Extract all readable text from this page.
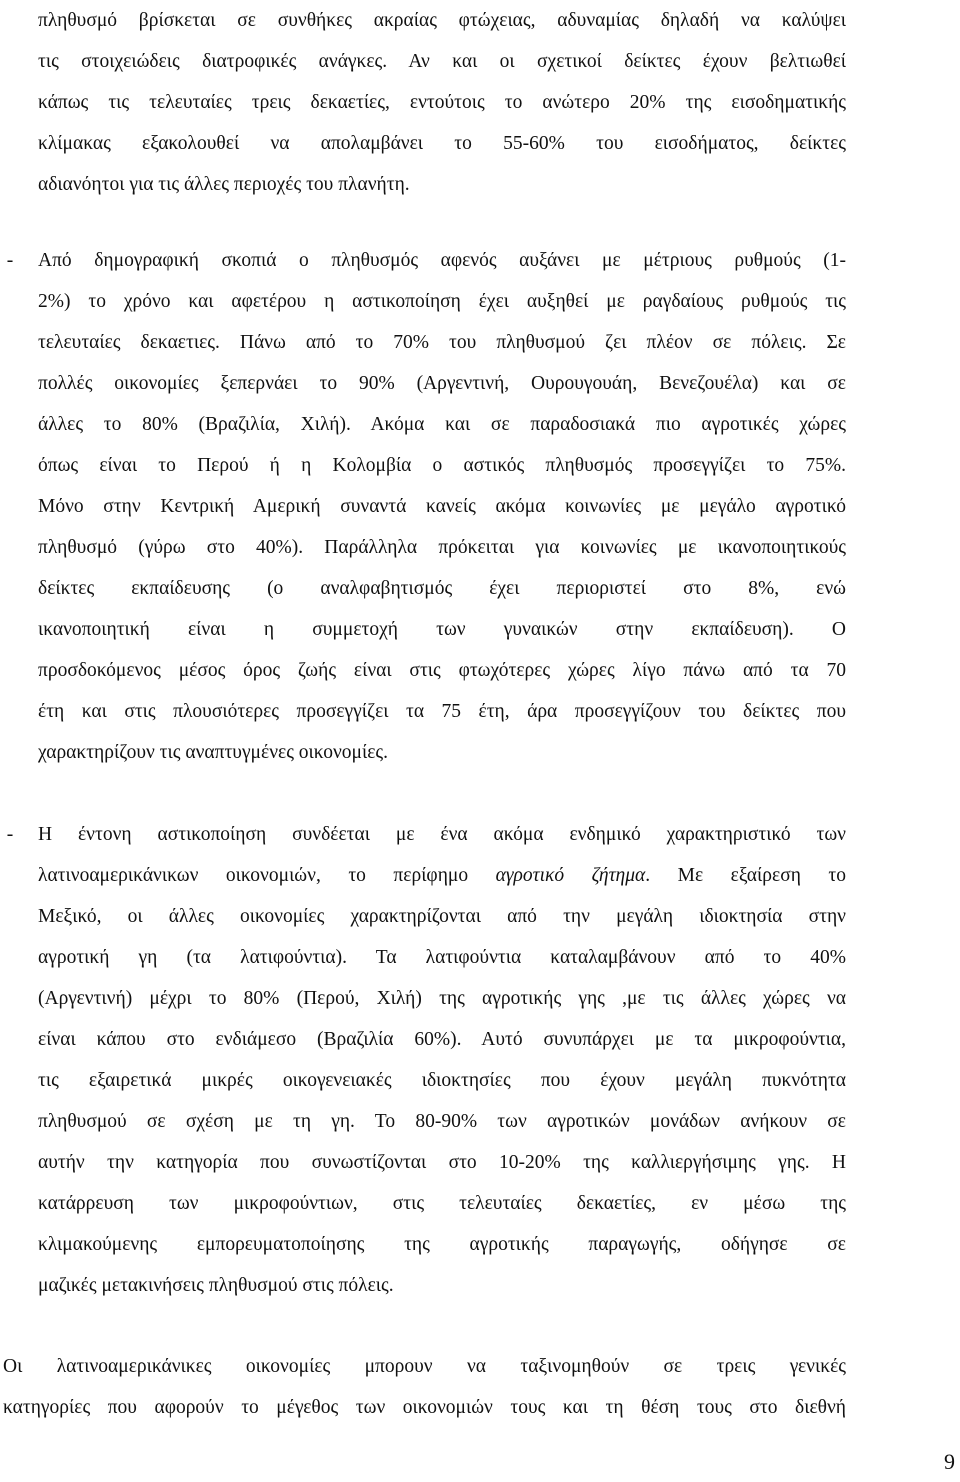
πληθυσμό βρίσκεται σε συνθήκες ακραίας φτώχειας, αδυναμίας δηλαδή να καλύψει
τις στοιχειώδεις διατροφικές ανάγκες. Αν και οι σχετικοί δείκτες έχουν βελτιωθεί
κάπως τις τελευταίες τρεις δεκαετίες, εντούτοις το ανώτερο 20% της εισοδηματικής
κλίμακας εξακολουθεί να απολαμβάνει το 55-60% του εισοδήματος, δείκτες
αδιανόητοι για τις άλλες περιοχές του πλανήτη.
- Από δημογραφική σκοπιά ο πληθυσμός αφενός αυξάνει με μέτριους ρυθμούς (1-
2%) το χρόνο και αφετέρου η αστικοποίηση έχει αυξηθεί με ραγδαίους ρυθμούς τις
τελευταίες δεκαετιες. Πάνω από το 70% του πληθυσμού ζει πλέον σε πόλεις. Σε
πολλές οικονομίες ξεπερνάει το 90% (Αργεντινή, Ουρουγουάη, Βενεζουέλα) και σε
άλλες το 80% (Βραζιλία, Χιλή). Ακόμα και σε παραδοσιακά πιο αγροτικές χώρες
όπως είναι το Περού ή η Κολομβία ο αστικός πληθυσμός προσεγγίζει το 75%.
Μόνο στην Κεντρική Αμερική συναντά κανείς ακόμα κοινωνίες με μεγάλο αγροτικό
πληθυσμό (γύρω στο 40%). Παράλληλα πρόκειται για κοινωνίες με ικανοποιητικούς
δείκτες εκπαίδευσης (ο αναλφαβητισμός έχει περιοριστεί στο 8%, ενώ
ικανοποιητική είναι η συμμετοχή των γυναικών στην εκπαίδευση). Ο
προσδοκόμενος μέσος όρος ζωής είναι στις φτωχότερες χώρες λίγο πάνω από τα 70
έτη και στις πλουσιότερες προσεγγίζει τα 75 έτη, άρα προσεγγίζουν του δείκτες που
χαρακτηρίζουν τις αναπτυγμένες οικονομίες.
- Η έντονη αστικοποίηση συνδέεται με ένα ακόμα ενδημικό χαρακτηριστικό των
λατινοαμερικάνικων οικονομιών, το περίφημο αγροτικό ζήτημα. Με εξαίρεση το
Μεξικό, οι άλλες οικονομίες χαρακτηρίζονται από την μεγάλη ιδιοκτησία στην
αγροτική γη (τα λατιφούντια). Τα λατιφούντια καταλαμβάνουν από το 40%
(Αργεντινή) μέχρι το 80% (Περού, Χιλή) της αγροτικής γης ,με τις άλλες χώρες να
είναι κάπου στο ενδιάμεσο (Βραζιλία 60%). Αυτό συνυπάρχει με τα μικροφούντια,
τις εξαιρετικά μικρές οικογενειακές ιδιοκτησίες που έχουν μεγάλη πυκνότητα
πληθυσμού σε σχέση με τη γη. Το 80-90% των αγροτικών μονάδων ανήκουν σε
αυτήν την κατηγορία που συνωστίζονται στο 10-20% της καλλιεργήσιμης γης. Η
κατάρρευση των μικροφούντιων, στις τελευταίες δεκαετίες, εν μέσω της
κλιμακούμενης εμπορευματοποίησης της αγροτικής παραγωγής, οδήγησε σε
μαζικές μετακινήσεις πληθυσμού στις πόλεις.
Οι λατινοαμερικάνικες οικονομίες μπορουν να ταξινομηθούν σε τρεις γενικές
κατηγορίες που αφορούν το μέγεθος των οικονομιών τους και τη θέση τους στο διεθνή
9
